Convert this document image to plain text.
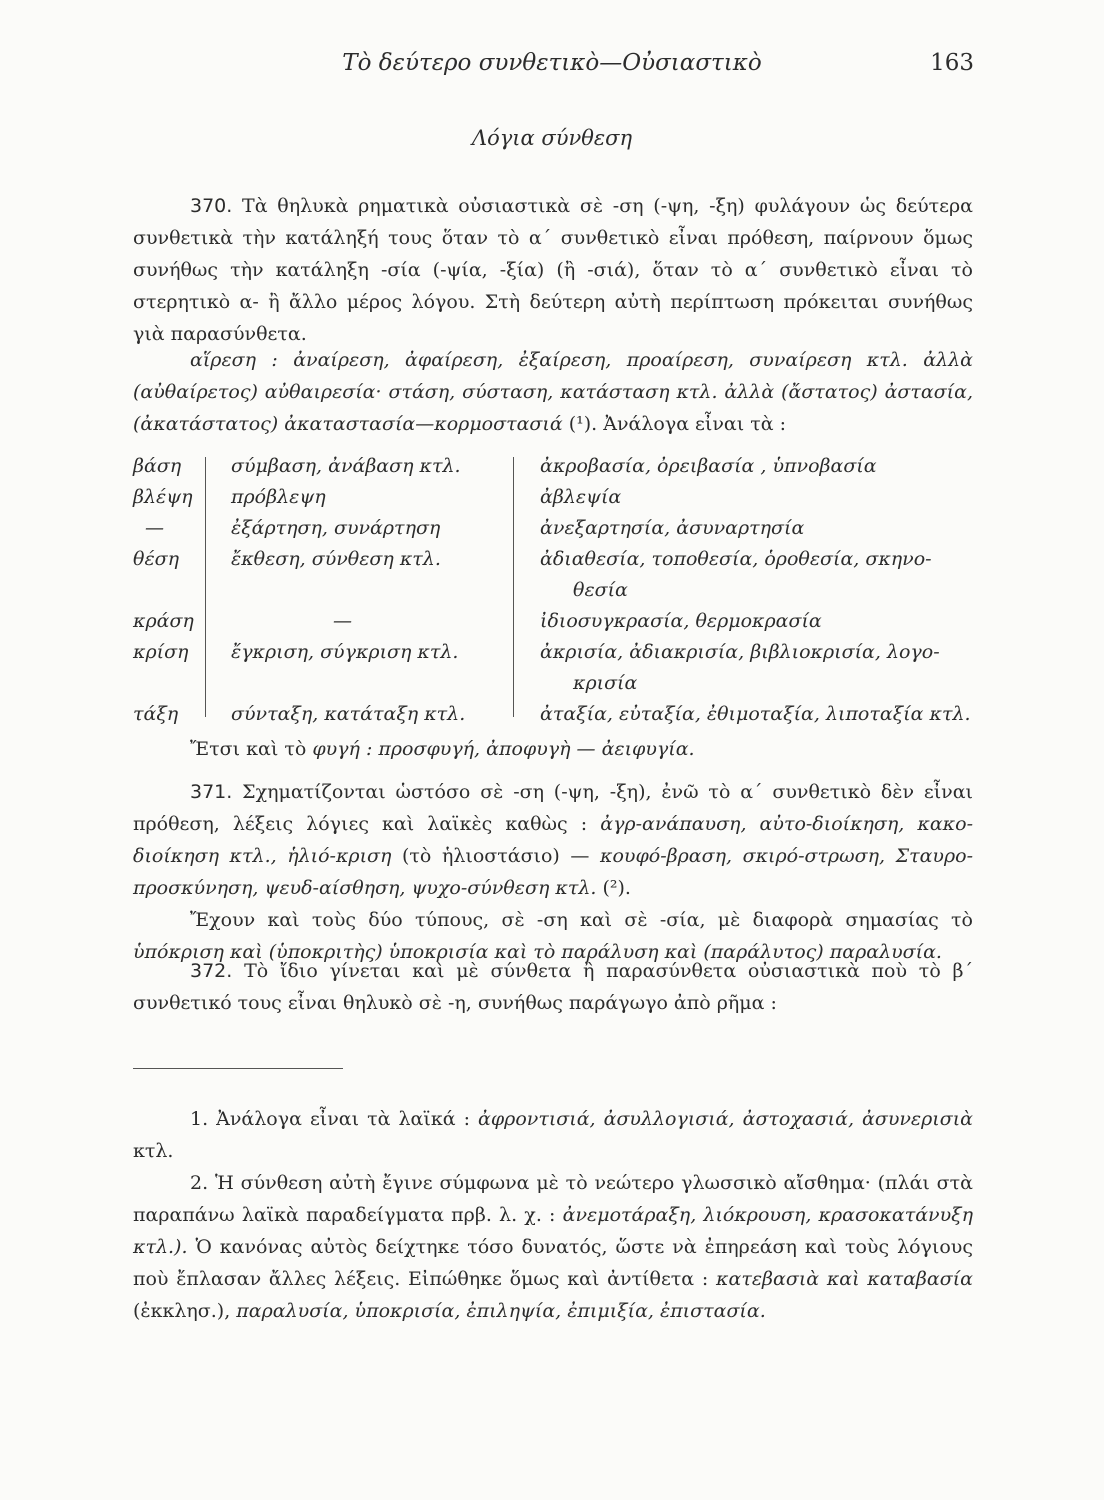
Τὸ δεύτερο συνθετικὸ—Οὐσιαστικὸ	163
Λόγια σύνθεση
370. Τὰ θηλυκὰ ρηματικὰ οὐσιαστικὰ σὲ -ση (-ψη, -ξη) φυλάγουν ὡς δεύτερα συνθετικὰ τὴν κατάληξή τους ὅταν τὸ α΄ συνθετικὸ εἶναι πρόθεση, παίρνουν ὅμως συνήθως τὴν κατάληξη -σία (-ψία, -ξία) (ἢ -σιά), ὅταν τὸ α΄ συνθετικὸ εἶναι τὸ στερητικὸ α- ἢ ἄλλο μέρος λόγου. Στὴ δεύτερη αὐτὴ περίπτωση πρόκειται συνήθως γιὰ παρασύνθετα.
αἵρεση : ἀναίρεση, ἀφαίρεση, ἐξαίρεση, προαίρεση, συναίρεση κτλ. ἀλλὰ (αὐθαίρετος) αὐθαιρεσία· στάση, σύσταση, κατάσταση κτλ. ἀλλὰ (ἄστατος) ἀστασία, (ἀκατάστατος) ἀκαταστασία—κορμοστασιά (¹). Ἀνάλογα εἶναι τὰ :
βάση	σύμβαση, ἀνάβαση κτλ.	ἀκροβασία, ὀρειβασία , ὑπνοβασία
βλέψη	πρόβλεψη	ἀβλεψία
—	ἐξάρτηση, συνάρτηση	ἀνεξαρτησία, ἀσυναρτησία
θέση	ἔκθεση, σύνθεση κτλ.	ἀδιαθεσία, τοποθεσία, ὁροθεσία, σκηνο-
θεσία
κράση	—	ἰδιοσυγκρασία, θερμοκρασία
κρίση	ἔγκριση, σύγκριση κτλ.	ἀκρισία, ἀδιακρισία, βιβλιοκρισία, λογο-
κρισία
τάξη	σύνταξη, κατάταξη κτλ.	ἀταξία, εὐταξία, ἐθιμοταξία, λιποταξία κτλ.
Ἔτσι καὶ τὸ φυγή : προσφυγή, ἀποφυγὴ — ἀειφυγία.
371. Σχηματίζονται ὡστόσο σὲ -ση (-ψη, -ξη), ἐνῶ τὸ α΄ συνθετικὸ δὲν εἶναι πρόθεση, λέξεις λόγιες καὶ λαϊκὲς καθὼς : ἀγρ-ανάπαυση, αὐτο-διοίκηση, κακο-διοίκηση κτλ., ἡλιό-κριση (τὸ ἡλιοστάσιο) — κουφό-βραση, σκιρό-στρωση, Σταυρο-προσκύνηση, ψευδ-αίσθηση, ψυχο-σύνθεση κτλ. (²).
Ἔχουν καὶ τοὺς δύο τύπους, σὲ -ση καὶ σὲ -σία, μὲ διαφορὰ σημασίας τὸ ὑπόκριση καὶ (ὑποκριτὴς) ὑποκρισία καὶ τὸ παράλυση καὶ (παράλυτος) παραλυσία.
372. Τὸ ἴδιο γίνεται καὶ μὲ σύνθετα ἢ παρασύνθετα οὐσιαστικὰ ποὺ τὸ β΄ συνθετικό τους εἶναι θηλυκὸ σὲ -η, συνήθως παράγωγο ἀπὸ ρῆμα :
1. Ἀνάλογα εἶναι τὰ λαϊκά : ἀφροντισιά, ἀσυλλογισιά, ἀστοχασιά, ἀσυνερισιὰ κτλ.
2. Ἡ σύνθεση αὐτὴ ἔγινε σύμφωνα μὲ τὸ νεώτερο γλωσσικὸ αἴσθημα· (πλάι στὰ παραπάνω λαϊκὰ παραδείγματα πρβ. λ. χ. : ἀνεμοτάραξη, λιόκρουση, κρασοκατάνυξη κτλ.). Ὁ κανόνας αὐτὸς δείχτηκε τόσο δυνατός, ὥστε νὰ ἐπηρεάση καὶ τοὺς λόγιους ποὺ ἔπλασαν ἄλλες λέξεις. Εἰπώθηκε ὅμως καὶ ἀντίθετα : κατεβασιὰ καὶ καταβασία (ἐκκλησ.), παραλυσία, ὑποκρισία, ἐπιληψία, ἐπιμιξία, ἐπιστασία.
